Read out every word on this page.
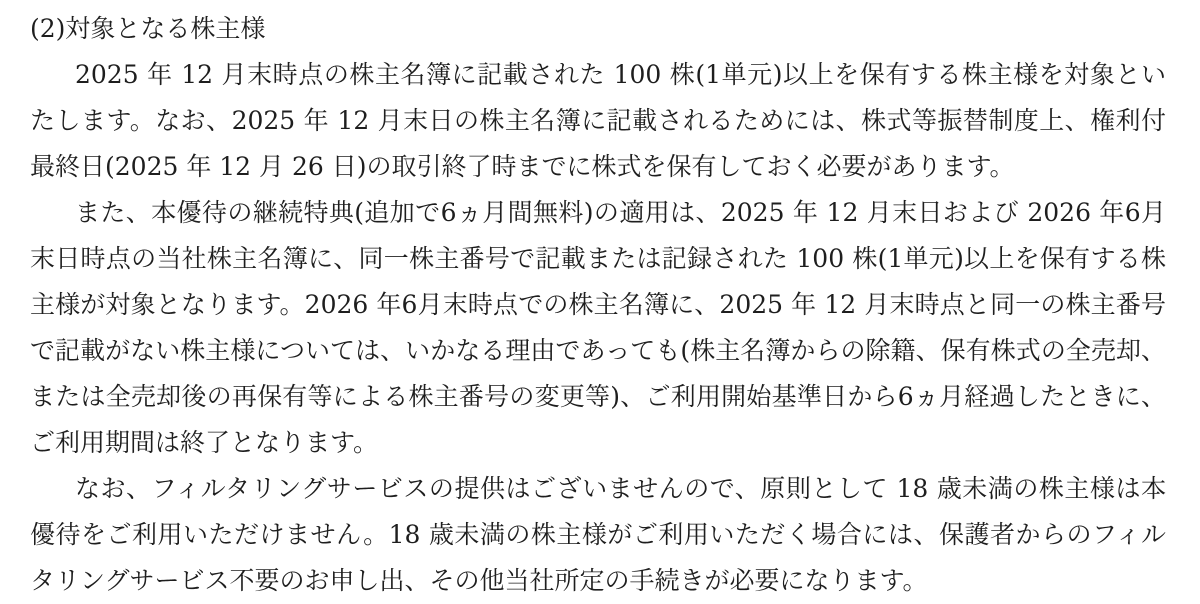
(2)対象となる株主様

2025 年 12 月末時点の株主名簿に記載された 100 株(1単元)以上を保有する株主様を対象といたします。なお、2025 年 12 月末日の株主名簿に記載されるためには、株式等振替制度上、権利付最終日(2025 年 12 月 26 日)の取引終了時までに株式を保有しておく必要があります。

また、本優待の継続特典(追加で6ヵ月間無料)の適用は、2025 年 12 月末日および 2026 年6月末日時点の当社株主名簿に、同一株主番号で記載または記録された 100 株(1単元)以上を保有する株主様が対象となります。2026 年6月末時点での株主名簿に、2025 年 12 月末時点と同一の株主番号で記載がない株主様については、いかなる理由であっても(株主名簿からの除籍、保有株式の全売却、または全売却後の再保有等による株主番号の変更等)、ご利用開始基準日から6ヵ月経過したときに、ご利用期間は終了となります。

なお、フィルタリングサービスの提供はございませんので、原則として 18 歳未満の株主様は本優待をご利用いただけません。18 歳未満の株主様がご利用いただく場合には、保護者からのフィルタリングサービス不要のお申し出、その他当社所定の手続きが必要になります。
